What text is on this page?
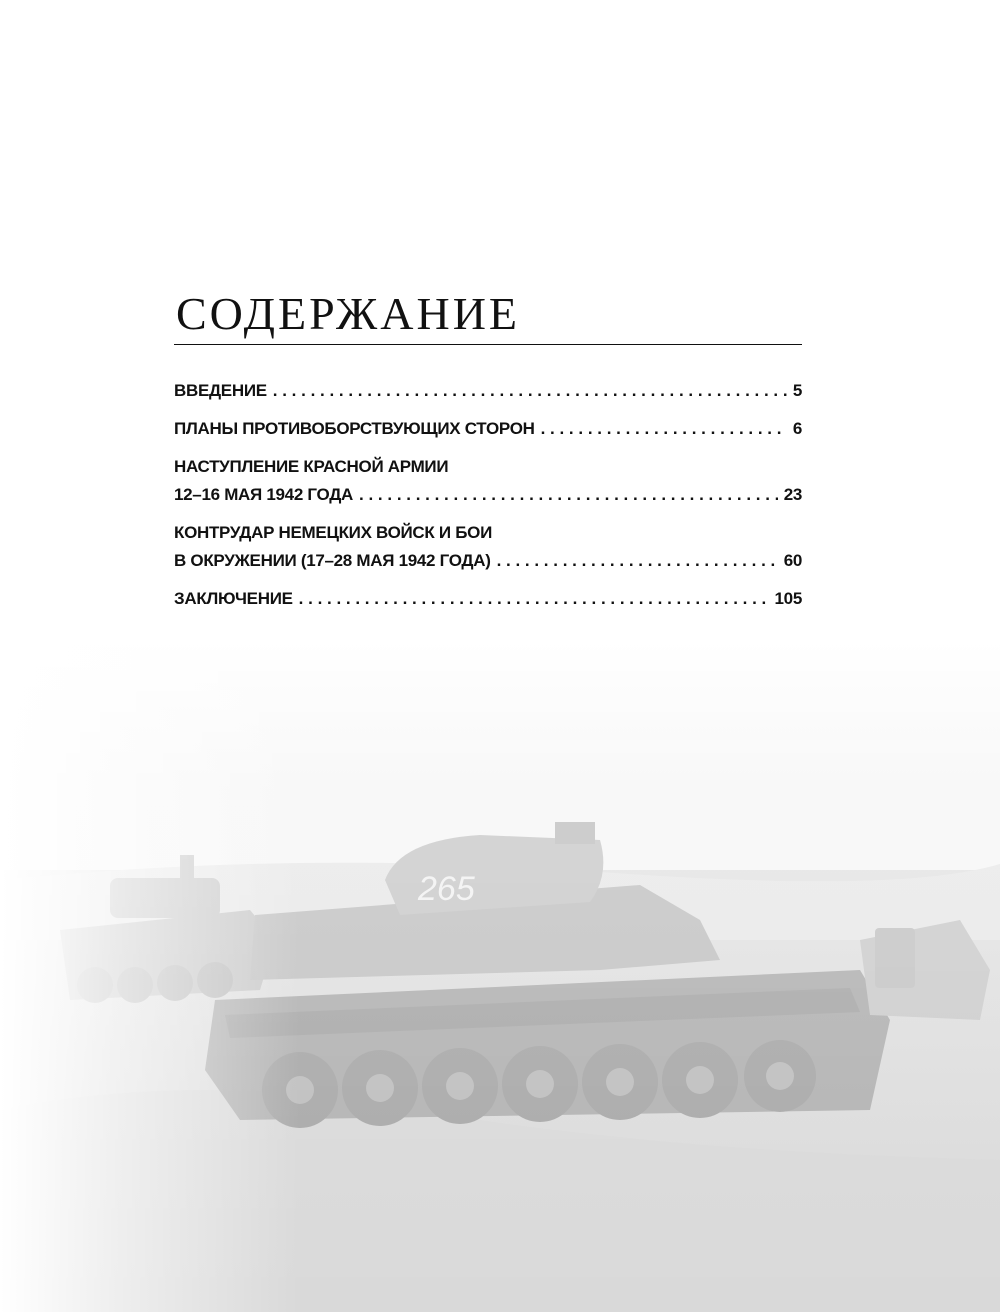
СОДЕРЖАНИЕ
ВВЕДЕНИЕ . . .	5
ПЛАНЫ ПРОТИВОБОРСТВУЮЩИХ СТОРОН . . .	6
НАСТУПЛЕНИЕ КРАСНОЙ АРМИИ
12–16 МАЯ 1942 ГОДА . . .	23
КОНТРУДАР НЕМЕЦКИХ ВОЙСК И БОИ
В ОКРУЖЕНИИ (17–28 МАЯ 1942 ГОДА) . . .	60
ЗАКЛЮЧЕНИЕ . . .	105
